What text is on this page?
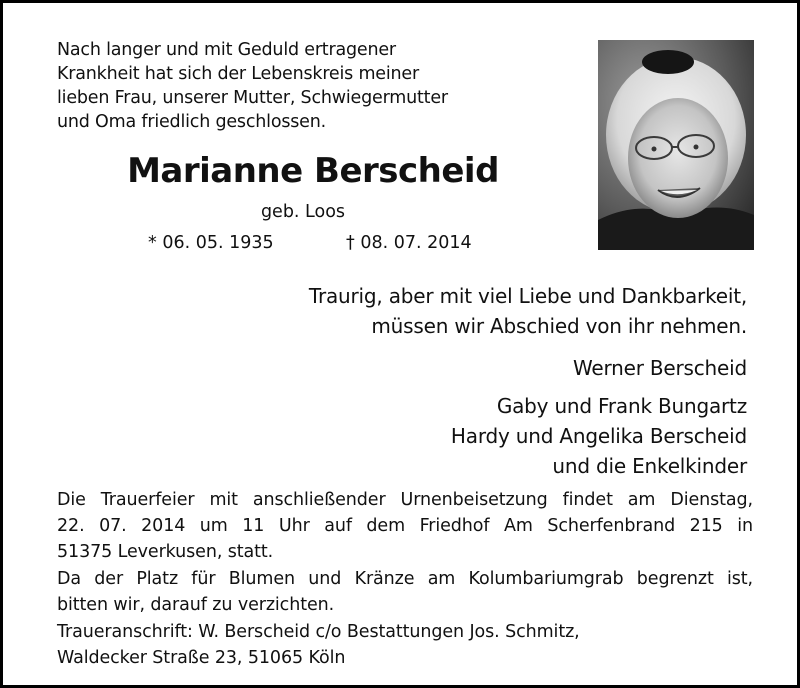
Nach langer und mit Geduld ertragener
Krankheit hat sich der Lebenskreis meiner
lieben Frau, unserer Mutter, Schwiegermutter
und Oma friedlich geschlossen.
Marianne Berscheid
geb. Loos
* 06. 05. 1935	† 08. 07. 2014
Traurig, aber mit viel Liebe und Dankbarkeit,
müssen wir Abschied von ihr nehmen.
Werner Berscheid
Gaby und Frank Bungartz
Hardy und Angelika Berscheid
und die Enkelkinder
Die Trauerfeier mit anschließender Urnenbeisetzung findet am Dienstag,
22. 07. 2014 um 11 Uhr auf dem Friedhof Am Scherfenbrand 215 in
51375 Leverkusen, statt.
Da der Platz für Blumen und Kränze am Kolumbariumgrab begrenzt ist,
bitten wir, darauf zu verzichten.
Traueranschrift: W. Berscheid c/o Bestattungen Jos. Schmitz,
Waldecker Straße 23, 51065 Köln
